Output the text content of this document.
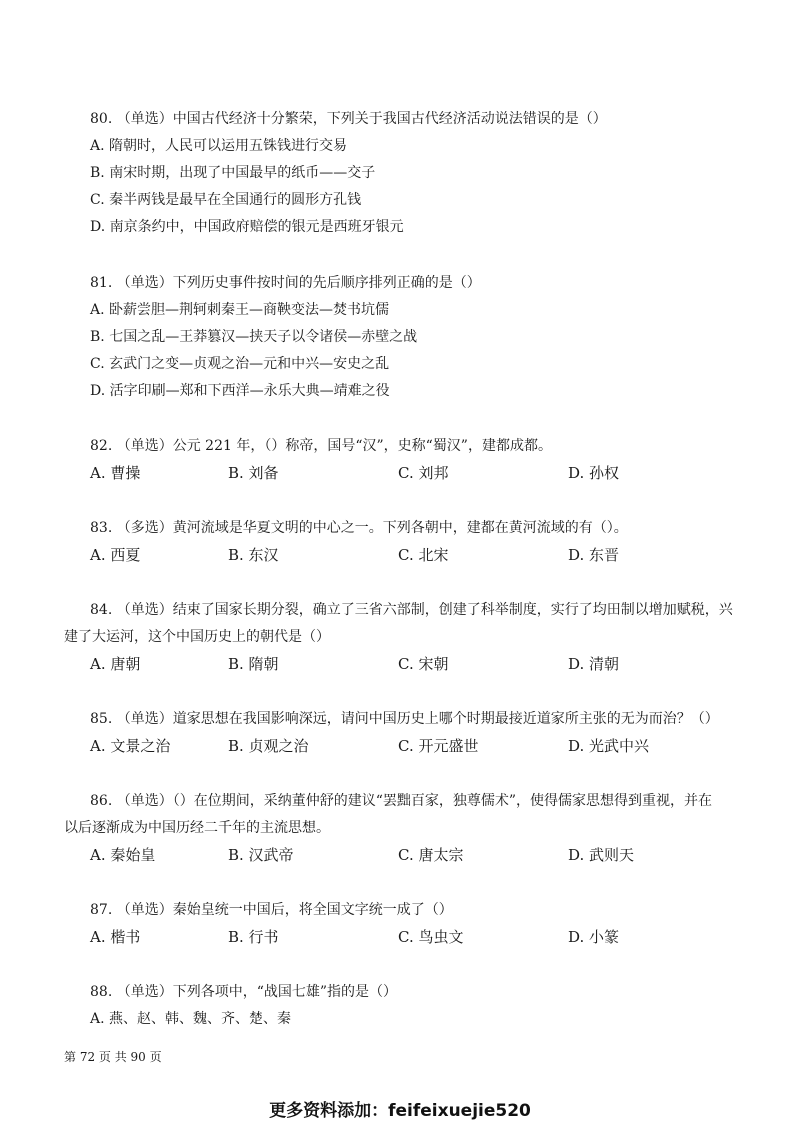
80. （单选）中国古代经济十分繁荣，下列关于我国古代经济活动说法错误的是（）
A. 隋朝时，人民可以运用五铢钱进行交易
B. 南宋时期，出现了中国最早的纸币——交子
C. 秦半两钱是最早在全国通行的圆形方孔钱
D. 南京条约中，中国政府赔偿的银元是西班牙银元
81. （单选）下列历史事件按时间的先后顺序排列正确的是（）
A. 卧薪尝胆—荆轲刺秦王—商鞅变法—焚书坑儒
B. 七国之乱—王莽篡汉—挟天子以令诸侯—赤壁之战
C. 玄武门之变—贞观之治—元和中兴—安史之乱
D. 活字印刷—郑和下西洋—永乐大典—靖难之役
82. （单选）公元 221 年，（）称帝，国号“汉”，史称“蜀汉”，建都成都。
A. 曹操	B. 刘备	C. 刘邦	D. 孙权
83. （多选）黄河流域是华夏文明的中心之一。下列各朝中，建都在黄河流域的有（）。
A. 西夏	B. 东汉	C. 北宋	D. 东晋
84. （单选）结束了国家长期分裂，确立了三省六部制，创建了科举制度，实行了均田制以增加赋税，兴
建了大运河，这个中国历史上的朝代是（）
A. 唐朝	B. 隋朝	C. 宋朝	D. 清朝
85. （单选）道家思想在我国影响深远，请问中国历史上哪个时期最接近道家所主张的无为而治？（）
A. 文景之治	B. 贞观之治	C. 开元盛世	D. 光武中兴
86. （单选）（）在位期间，采纳董仲舒的建议“罢黜百家，独尊儒术”，使得儒家思想得到重视，并在
以后逐渐成为中国历经二千年的主流思想。
A. 秦始皇	B. 汉武帝	C. 唐太宗	D. 武则天
87. （单选）秦始皇统一中国后，将全国文字统一成了（）
A. 楷书	B. 行书	C. 鸟虫文	D. 小篆
88. （单选）下列各项中，“战国七雄”指的是（）
A. 燕、赵、韩、魏、齐、楚、秦
第 72 页 共 90 页
更多资料添加：feifeixuejie520
